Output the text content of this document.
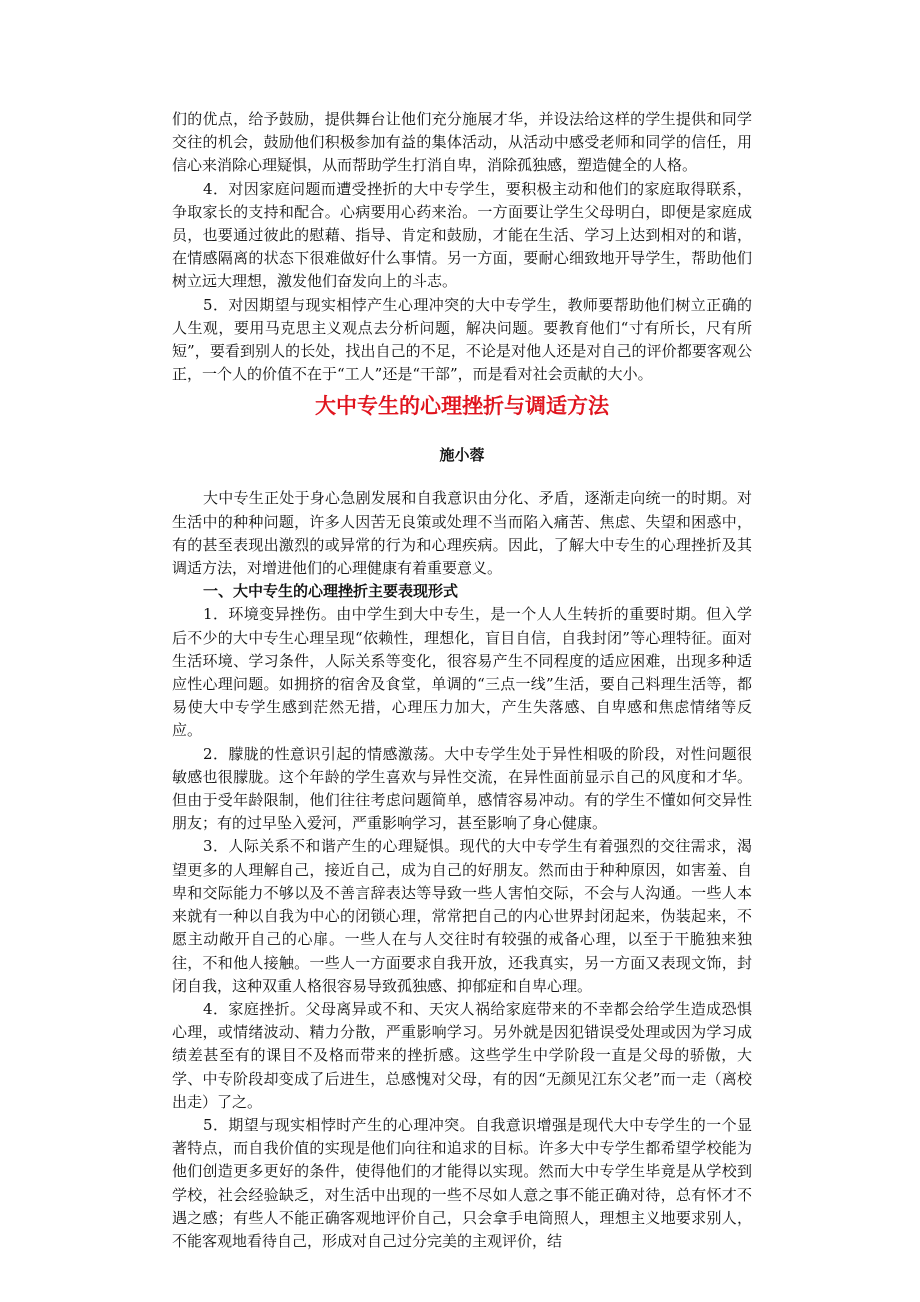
们的优点，给予鼓励，提供舞台让他们充分施展才华，并设法给这样的学生提供和同学交往的机会，鼓励他们积极参加有益的集体活动，从活动中感受老师和同学的信任，用信心来消除心理疑惧，从而帮助学生打消自卑，消除孤独感，塑造健全的人格。

4．对因家庭问题而遭受挫折的大中专学生，要积极主动和他们的家庭取得联系，争取家长的支持和配合。心病要用心药来治。一方面要让学生父母明白，即便是家庭成员，也要通过彼此的慰藉、指导、肯定和鼓励，才能在生活、学习上达到相对的和谐，在情感隔离的状态下很难做好什么事情。另一方面，要耐心细致地开导学生，帮助他们树立远大理想，激发他们奋发向上的斗志。

5．对因期望与现实相悖产生心理冲突的大中专学生，教师要帮助他们树立正确的人生观，要用马克思主义观点去分析问题，解决问题。要教育他们“寸有所长，尺有所短”，要看到别人的长处，找出自己的不足，不论是对他人还是对自己的评价都要客观公正，一个人的价值不在于“工人”还是“干部”，而是看对社会贡献的大小。

大中专生的心理挫折与调适方法
施小蓉

大中专生正处于身心急剧发展和自我意识由分化、矛盾，逐渐走向统一的时期。对生活中的种种问题，许多人因苦无良策或处理不当而陷入痛苦、焦虑、失望和困惑中，有的甚至表现出激烈的或异常的行为和心理疾病。因此，了解大中专生的心理挫折及其调适方法，对增进他们的心理健康有着重要意义。

一、大中专生的心理挫折主要表现形式

1．环境变异挫伤。由中学生到大中专生，是一个人人生转折的重要时期。但入学后不少的大中专生心理呈现“依赖性，理想化，盲目自信，自我封闭”等心理特征。面对生活环境、学习条件，人际关系等变化，很容易产生不同程度的适应困难，出现多种适应性心理问题。如拥挤的宿舍及食堂，单调的“三点一线”生活，要自己料理生活等，都易使大中专学生感到茫然无措，心理压力加大，产生失落感、自卑感和焦虑情绪等反应。

2．朦胧的性意识引起的情感激荡。大中专学生处于异性相吸的阶段，对性问题很敏感也很朦胧。这个年龄的学生喜欢与异性交流，在异性面前显示自己的风度和才华。但由于受年龄限制，他们往往考虑问题简单，感情容易冲动。有的学生不懂如何交异性朋友；有的过早坠入爱河，严重影响学习，甚至影响了身心健康。

3．人际关系不和谐产生的心理疑惧。现代的大中专学生有着强烈的交往需求，渴望更多的人理解自己，接近自己，成为自己的好朋友。然而由于种种原因，如害羞、自卑和交际能力不够以及不善言辞表达等导致一些人害怕交际，不会与人沟通。一些人本来就有一种以自我为中心的闭锁心理，常常把自己的内心世界封闭起来，伪装起来，不愿主动敞开自己的心扉。一些人在与人交往时有较强的戒备心理，以至于干脆独来独往，不和他人接触。一些人一方面要求自我开放，还我真实，另一方面又表现文饰，封闭自我，这种双重人格很容易导致孤独感、抑郁症和自卑心理。

4．家庭挫折。父母离异或不和、天灾人祸给家庭带来的不幸都会给学生造成恐惧心理，或情绪波动、精力分散，严重影响学习。另外就是因犯错误受处理或因为学习成绩差甚至有的课目不及格而带来的挫折感。这些学生中学阶段一直是父母的骄傲，大学、中专阶段却变成了后进生，总感愧对父母，有的因“无颜见江东父老”而一走（离校出走）了之。

5．期望与现实相悖时产生的心理冲突。自我意识增强是现代大中专学生的一个显著特点，而自我价值的实现是他们向往和追求的目标。许多大中专学生都希望学校能为他们创造更多更好的条件，使得他们的才能得以实现。然而大中专学生毕竟是从学校到学校，社会经验缺乏，对生活中出现的一些不尽如人意之事不能正确对待，总有怀才不遇之感；有些人不能正确客观地评价自己，只会拿手电筒照人，理想主义地要求别人，不能客观地看待自己，形成对自己过分完美的主观评价，结
